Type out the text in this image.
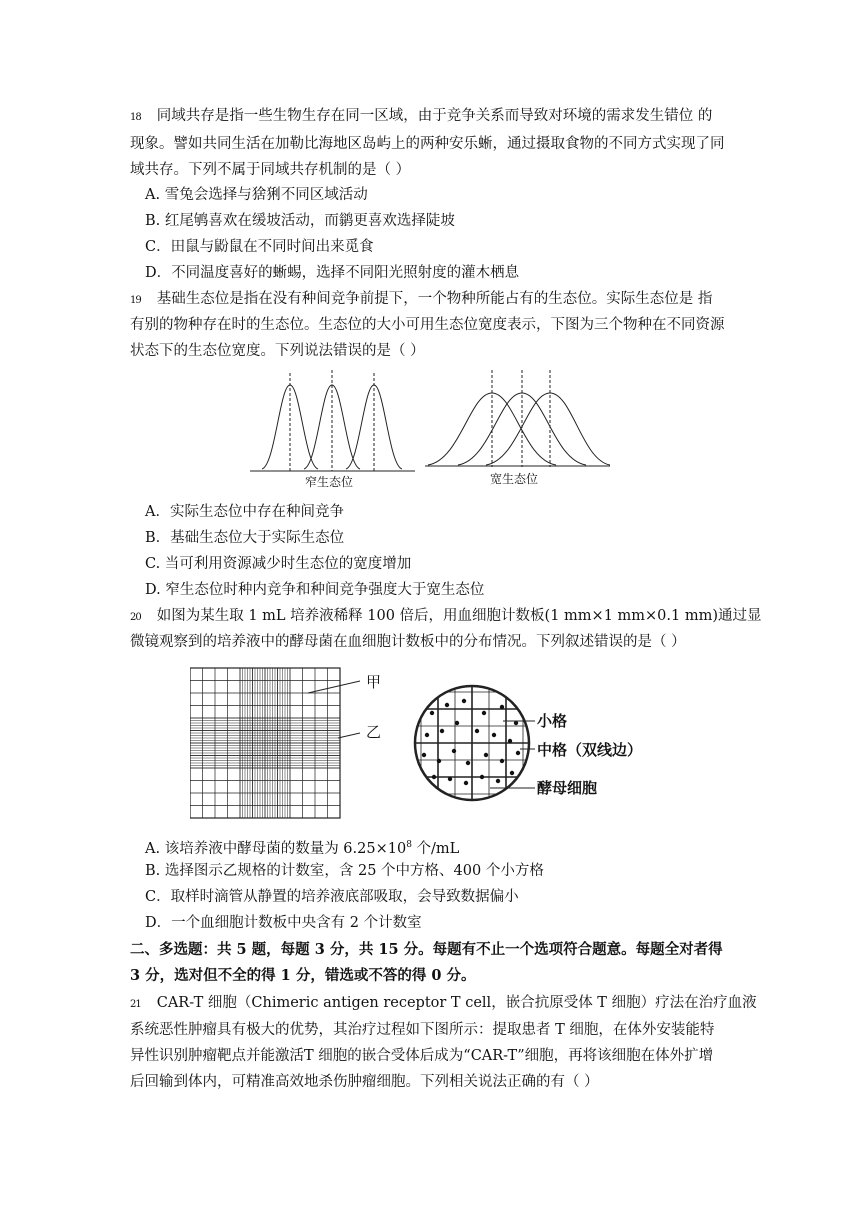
18 同域共存是指一些生物生存在同一区域，由于竞争关系而导致对环境的需求发生错位 的
现象。譬如共同生活在加勒比海地区岛屿上的两种安乐蜥，通过摄取食物的不同方式实现了同
域共存。下列不属于同域共存机制的是（ ）
A. 雪兔会选择与猞猁不同区域活动
B. 红尾鸲喜欢在缓坡活动，而鹟更喜欢选择陡坡
C．田鼠与鼢鼠在不同时间出来觅食
D．不同温度喜好的蜥蜴，选择不同阳光照射度的灌木栖息
19 基础生态位是指在没有种间竞争前提下，一个物种所能占有的生态位。实际生态位是 指
有别的物种存在时的生态位。生态位的大小可用生态位宽度表示，下图为三个物种在不同资源
状态下的生态位宽度。下列说法错误的是（ ）
窄生态位	宽生态位
A．实际生态位中存在种间竞争
B．基础生态位大于实际生态位
C. 当可利用资源减少时生态位的宽度增加
D. 窄生态位时种内竞争和种间竞争强度大于宽生态位
20 如图为某生取 1 mL 培养液稀释 100 倍后，用血细胞计数板(1 mm×1 mm×0.1 mm)通过显
微镜观察到的培养液中的酵母菌在血细胞计数板中的分布情况。下列叙述错误的是（ ）
甲
乙
小格
中格（双线边）
酵母细胞
A. 该培养液中酵母菌的数量为 $6.25\times 10^8$ 个/mL
B. 选择图示乙规格的计数室，含 25 个中方格、400 个小方格
C．取样时滴管从静置的培养液底部吸取，会导致数据偏小
D．一个血细胞计数板中央含有 2 个计数室
二、多选题：共 5 题，每题 3 分，共 15 分。每题有不止一个选项符合题意。每题全对者得
3 分，选对但不全的得 1 分，错选或不答的得 0 分。
21 CAR-T 细胞（Chimeric antigen receptor T cell，嵌合抗原受体 T 细胞）疗法在治疗血液
系统恶性肿瘤具有极大的优势，其治疗过程如下图所示：提取患者 T 细胞，在体外安装能特
异性识别肿瘤靶点并能激活T 细胞的嵌合受体后成为“CAR-T”细胞，再将该细胞在体外扩增
后回输到体内，可精准高效地杀伤肿瘤细胞。下列相关说法正确的有（ ）
